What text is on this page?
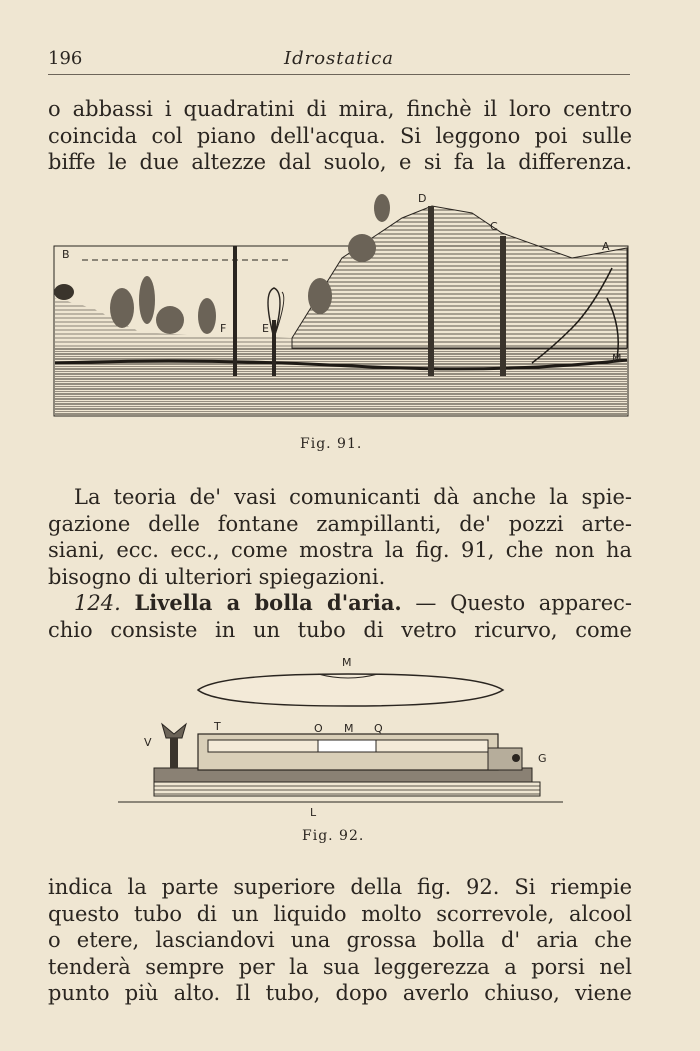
196	Idrostatica
o abbassi i quadratini di mira, finchè il loro centro
coincida col piano dell'acqua. Si leggono poi sulle
biffe le due altezze dal suolo, e si fa la differenza.
B
D
C
A
F	E
M
Fig. 91.
La teoria de' vasi comunicanti dà anche la spie-
gazione delle fontane zampillanti, de' pozzi arte-
siani, ecc. ecc., come mostra la fig. 91, che non ha
bisogno di ulteriori spiegazioni.
124. Livella a bolla d'aria. — Questo apparec-
chio consiste in un tubo di vetro ricurvo, come
M
V
T	O M Q
G
L
Fig. 92.
indica la parte superiore della fig. 92. Si riempie
questo tubo di un liquido molto scorrevole, alcool
o etere, lasciandovi una grossa bolla d' aria che
tenderà sempre per la sua leggerezza a porsi nel
punto più alto. Il tubo, dopo averlo chiuso, viene
